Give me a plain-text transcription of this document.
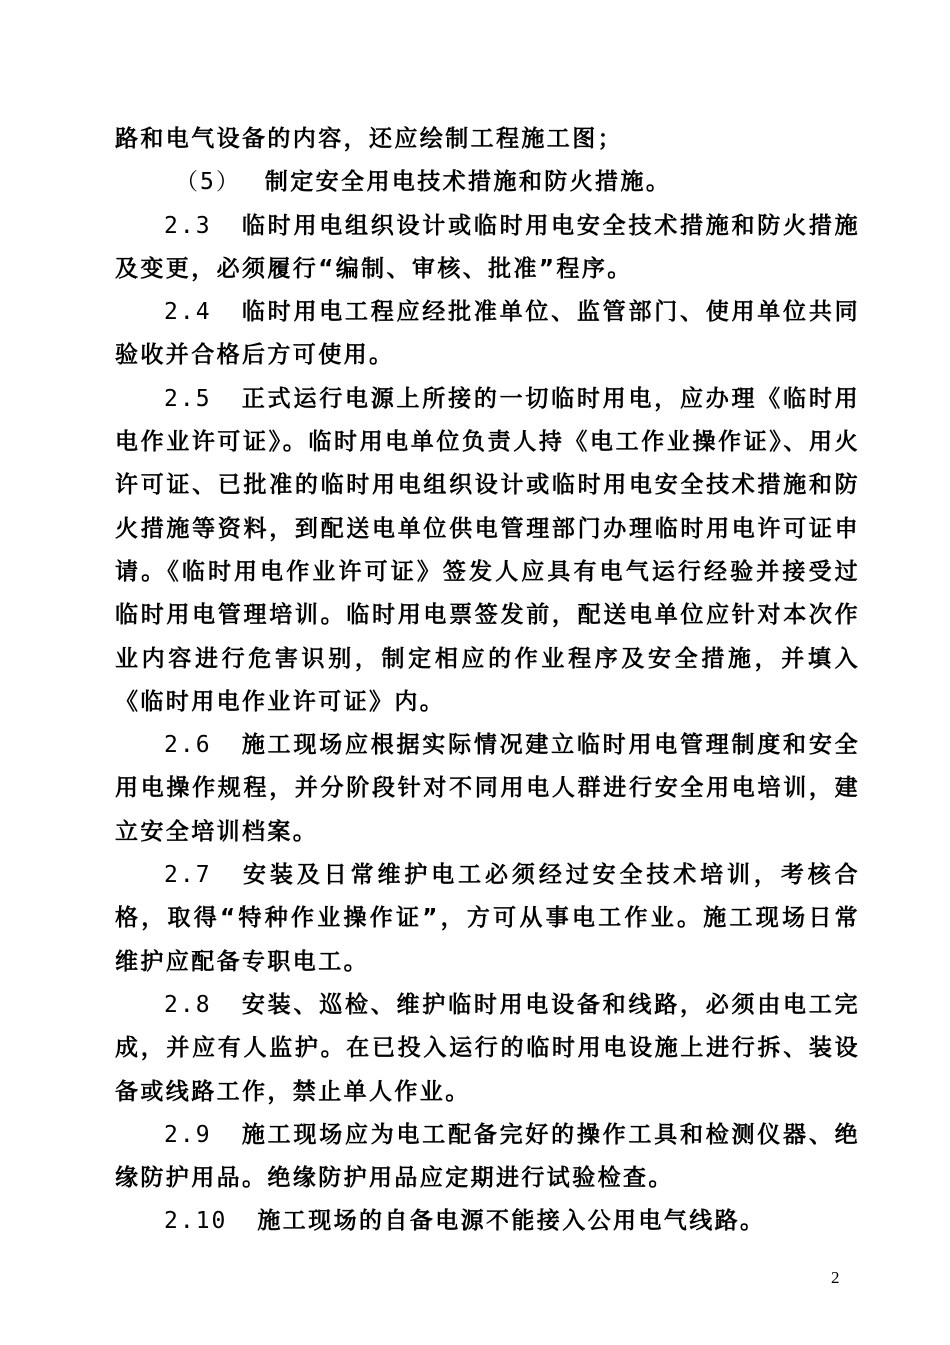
路和电气设备的内容，还应绘制工程施工图；

（5） 制定安全用电技术措施和防火措施。

2.3 临时用电组织设计或临时用电安全技术措施和防火措施及变更，必须履行“编制、审核、批准”程序。

2.4 临时用电工程应经批准单位、监管部门、使用单位共同验收并合格后方可使用。

2.5 正式运行电源上所接的一切临时用电，应办理《临时用电作业许可证》。临时用电单位负责人持《电工作业操作证》、用火许可证、已批准的临时用电组织设计或临时用电安全技术措施和防火措施等资料，到配送电单位供电管理部门办理临时用电许可证申请。《临时用电作业许可证》签发人应具有电气运行经验并接受过临时用电管理培训。临时用电票签发前，配送电单位应针对本次作业内容进行危害识别，制定相应的作业程序及安全措施，并填入《临时用电作业许可证》内。

2.6 施工现场应根据实际情况建立临时用电管理制度和安全用电操作规程，并分阶段针对不同用电人群进行安全用电培训，建立安全培训档案。

2.7 安装及日常维护电工必须经过安全技术培训，考核合格，取得“特种作业操作证”，方可从事电工作业。施工现场日常维护应配备专职电工。

2.8 安装、巡检、维护临时用电设备和线路，必须由电工完成，并应有人监护。在已投入运行的临时用电设施上进行拆、装设备或线路工作，禁止单人作业。

2.9 施工现场应为电工配备完好的操作工具和检测仪器、绝缘防护用品。绝缘防护用品应定期进行试验检查。

2.10 施工现场的自备电源不能接入公用电气线路。

2
